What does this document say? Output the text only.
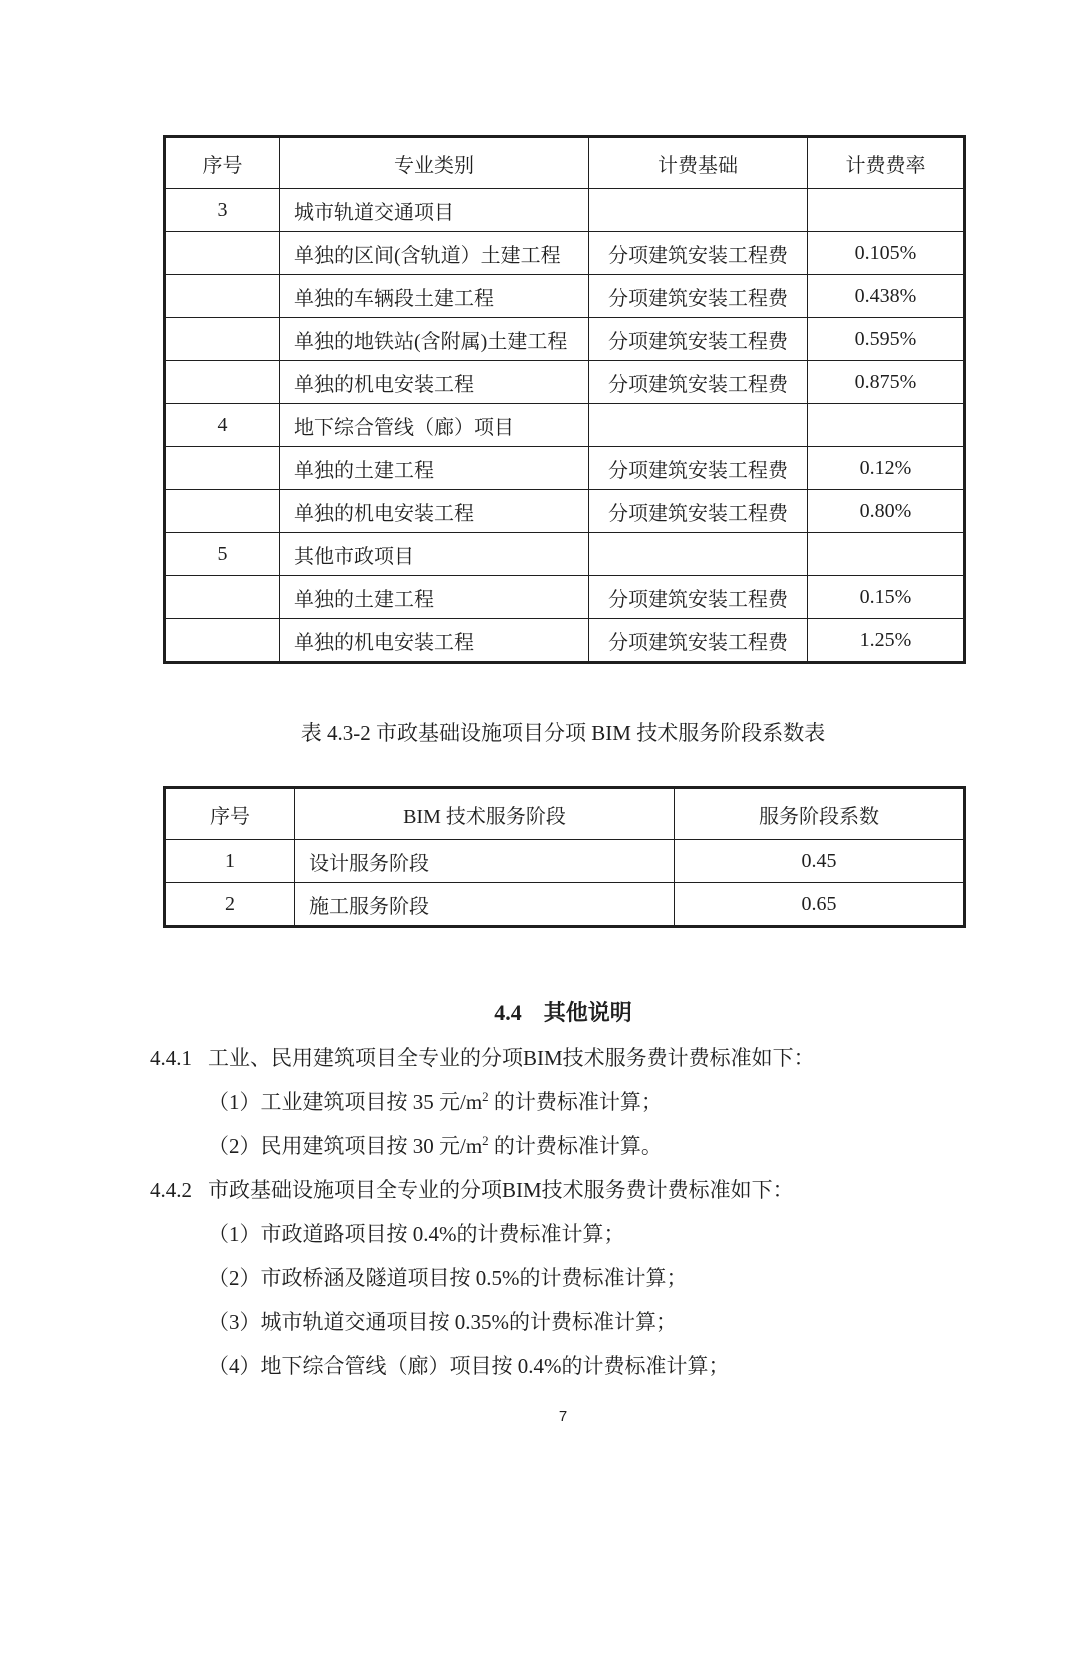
序号	专业类别	计费基础	计费费率
3	城市轨道交通项目		
	单独的区间(含轨道）土建工程	分项建筑安装工程费	0.105%
	单独的车辆段土建工程	分项建筑安装工程费	0.438%
	单独的地铁站(含附属)土建工程	分项建筑安装工程费	0.595%
	单独的机电安装工程	分项建筑安装工程费	0.875%
4	地下综合管线（廊）项目		
	单独的土建工程	分项建筑安装工程费	0.12%
	单独的机电安装工程	分项建筑安装工程费	0.80%
5	其他市政项目		
	单独的土建工程	分项建筑安装工程费	0.15%
	单独的机电安装工程	分项建筑安装工程费	1.25%
表 4.3-2 市政基础设施项目分项 BIM 技术服务阶段系数表
序号	BIM 技术服务阶段	服务阶段系数
1	设计服务阶段	0.45
2	施工服务阶段	0.65
4.4 其他说明

4.4.1 工业、民用建筑项目全专业的分项BIM技术服务费计费标准如下：

（1）工业建筑项目按 35 元$/m^2$ 的计费标准计算；

（2）民用建筑项目按 30 元$/m^2$ 的计费标准计算。

4.4.2 市政基础设施项目全专业的分项BIM技术服务费计费标准如下：

（1）市政道路项目按 0.4%的计费标准计算；

（2）市政桥涵及隧道项目按 0.5%的计费标准计算；

（3）城市轨道交通项目按 0.35%的计费标准计算；

（4）地下综合管线（廊）项目按 0.4%的计费标准计算；

7
